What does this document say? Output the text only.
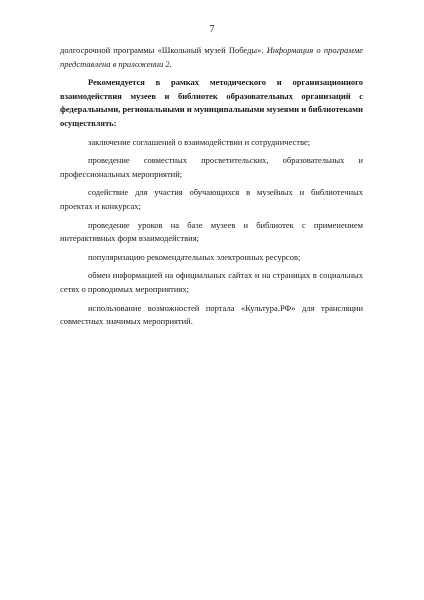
7

долгосрочной программы «Школьный музей Победы». Информация о программе представлена в приложении 2.

Рекомендуется в рамках методического и организационного взаимодействия музеев и библиотек образовательных организаций с федеральными, региональными и муниципальными музеями и библиотеками осуществлять:

заключение соглашений о взаимодействии и сотрудничестве;

проведение совместных просветительских, образовательных и профессиональных мероприятий;

содействие для участия обучающихся в музейных и библиотечных проектах и конкурсах;

проведение уроков на базе музеев и библиотек с применением интерактивных форм взаимодействия;

популяризацию рекомендательных электронных ресурсов;

обмен информацией на официальных сайтах и на страницах в социальных сетях о проводимых мероприятиях;

использование возможностей портала «Культура.РФ» для трансляции совместных значимых мероприятий.
